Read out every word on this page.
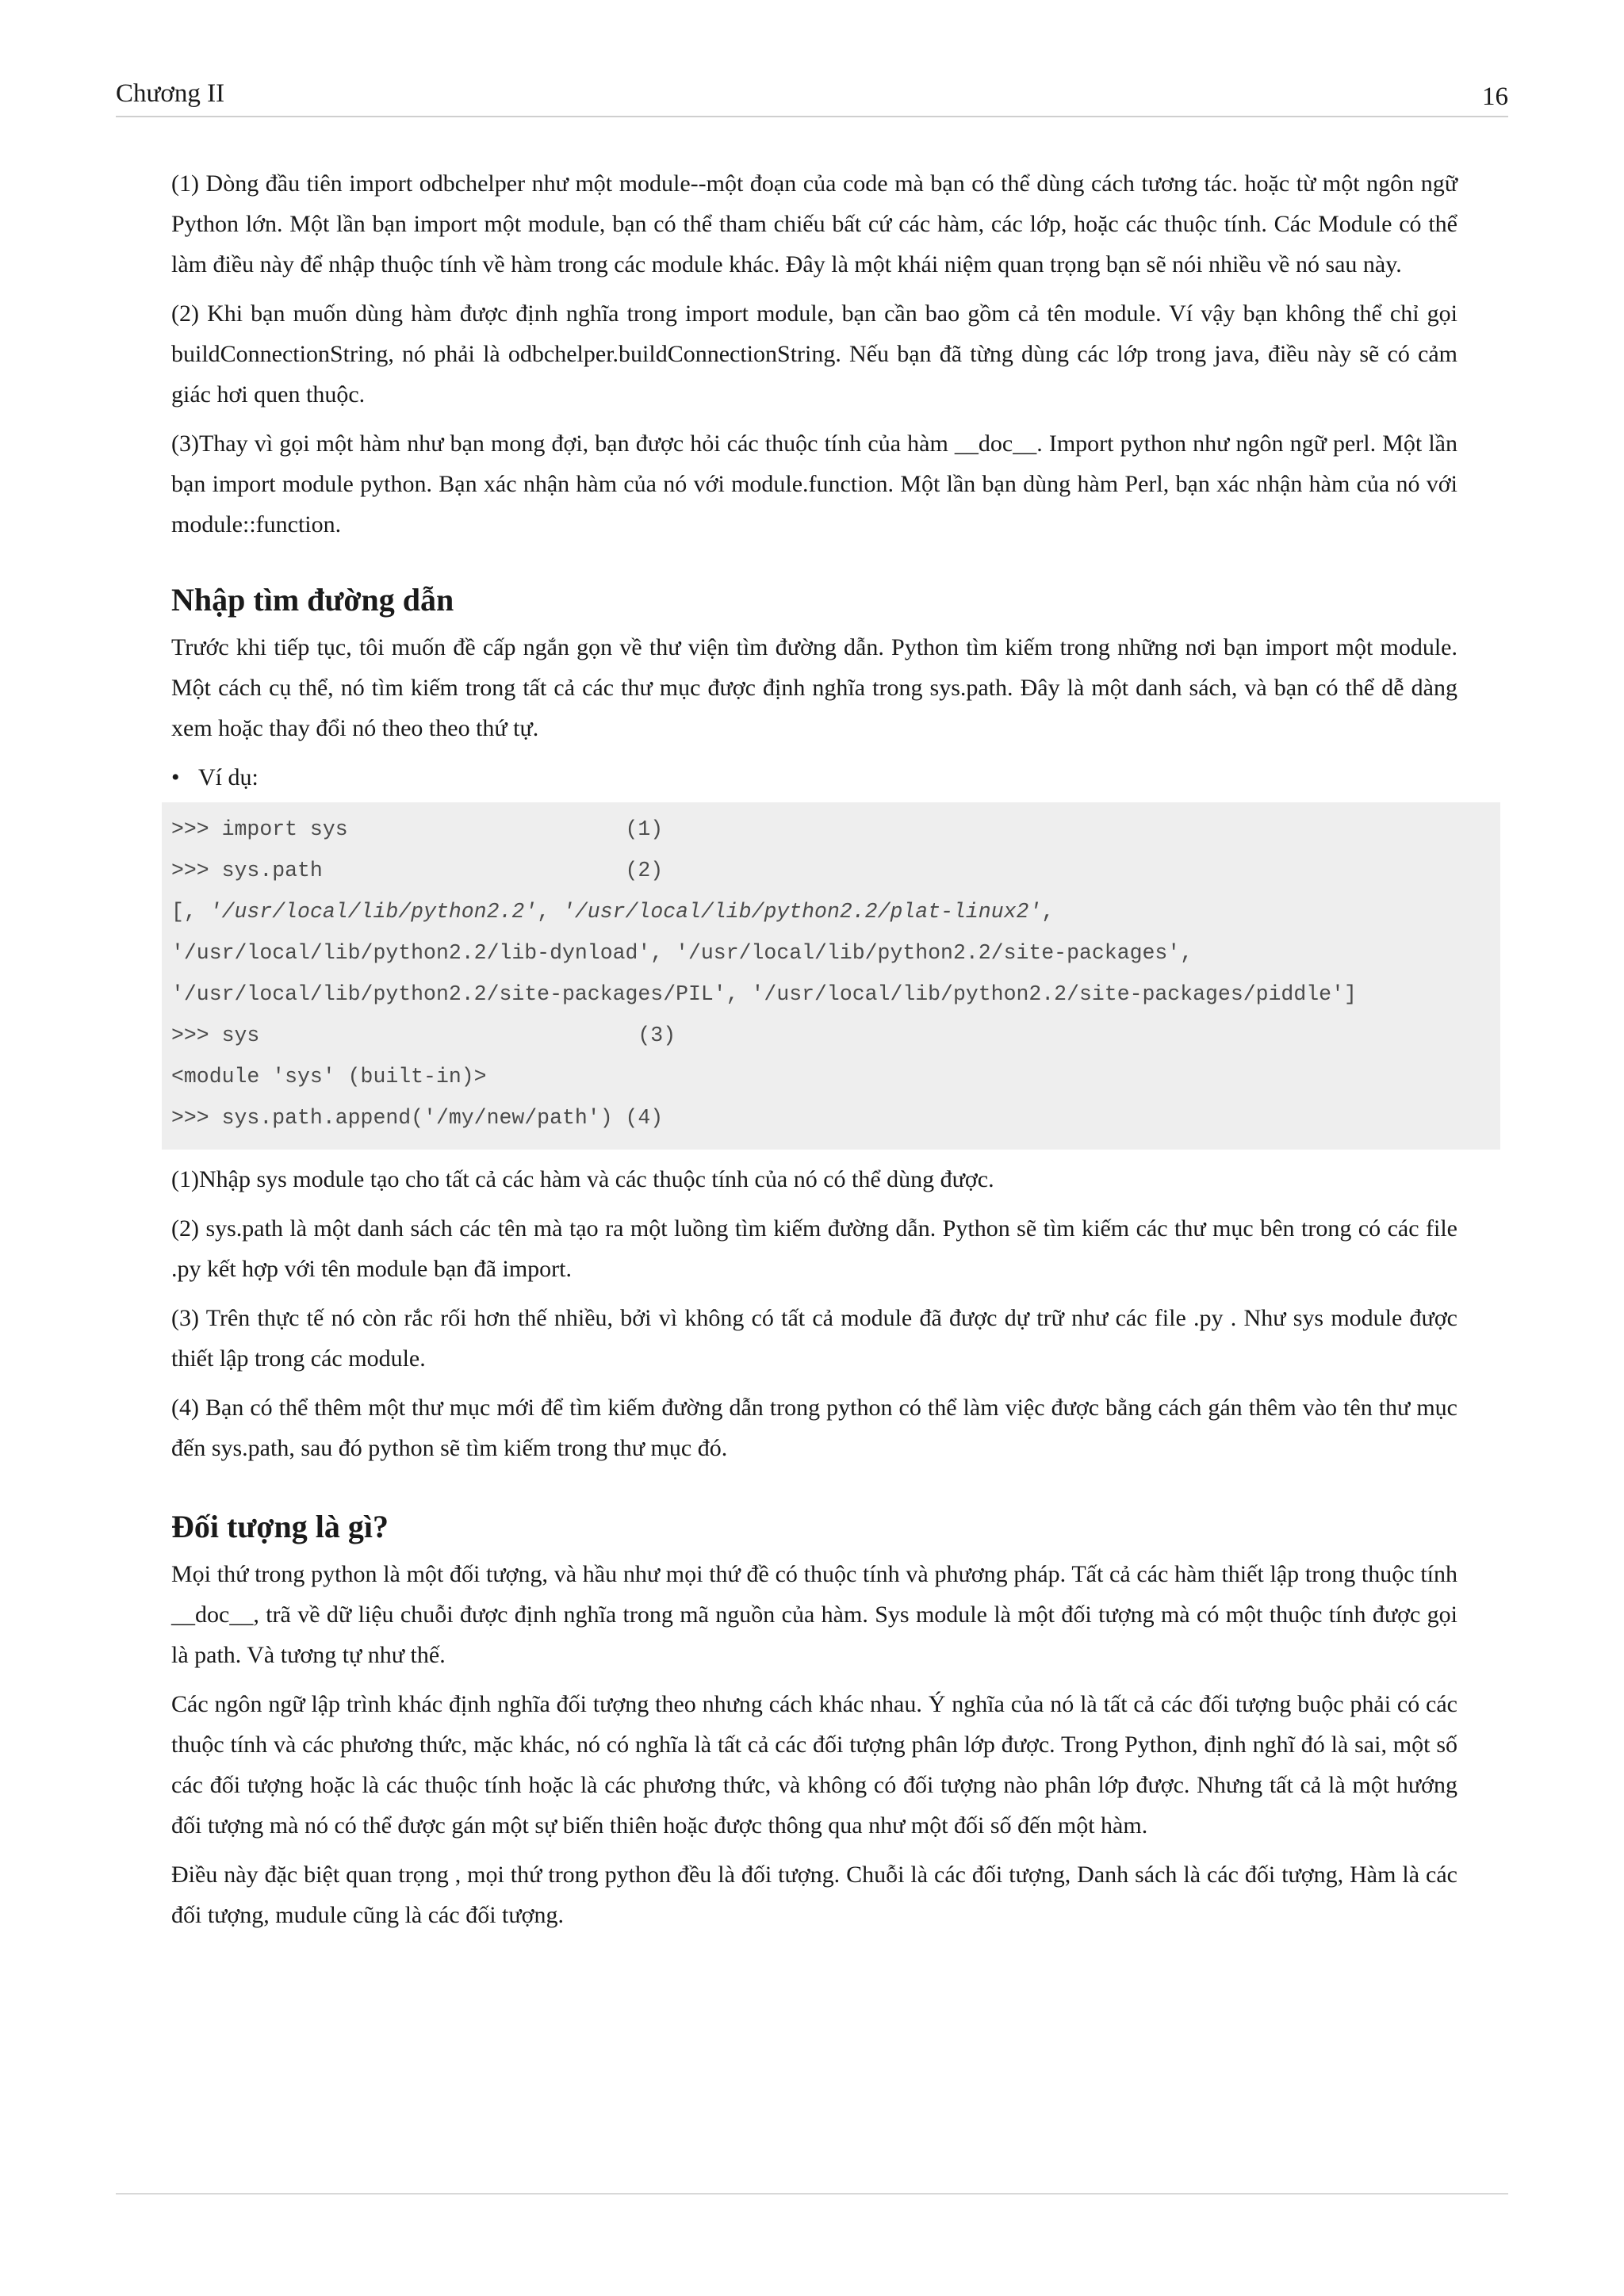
Chương II	16

(1) Dòng đầu tiên import odbchelper như một module--một đoạn của code mà bạn có thể dùng cách tương tác. hoặc từ một ngôn ngữ Python lớn. Một lần bạn import một module, bạn có thể tham chiếu bất cứ các hàm, các lớp, hoặc các thuộc tính. Các Module có thể làm điều này để nhập thuộc tính về hàm trong các module khác. Đây là một khái niệm quan trọng bạn sẽ nói nhiều về nó sau này.

(2) Khi bạn muốn dùng hàm được định nghĩa trong import module, bạn cần bao gồm cả tên module. Ví vậy bạn không thể chỉ gọi buildConnectionString, nó phải là odbchelper.buildConnectionString. Nếu bạn đã từng dùng các lớp trong java, điều này sẽ có cảm giác hơi quen thuộc.

(3)Thay vì gọi một hàm như bạn mong đợi, bạn được hỏi các thuộc tính của hàm __doc__. Import python như ngôn ngữ perl. Một lần bạn import module python. Bạn xác nhận hàm của nó với module.function. Một lần bạn dùng hàm Perl, bạn xác nhận hàm của nó với module::function.

Nhập tìm đường dẫn

Trước khi tiếp tục, tôi muốn đề cấp ngắn gọn về thư viện tìm đường dẫn. Python tìm kiếm trong những nơi bạn import một module. Một cách cụ thể, nó tìm kiếm trong tất cả các thư mục được định nghĩa trong sys.path. Đây là một danh sách, và bạn có thể dễ dàng xem hoặc thay đổi nó theo theo thứ tự.

• Ví dụ:
>>> import sys                      (1)
>>> sys.path                        (2)
[, '/usr/local/lib/python2.2', '/usr/local/lib/python2.2/plat-linux2',
'/usr/local/lib/python2.2/lib-dynload', '/usr/local/lib/python2.2/site-packages',
'/usr/local/lib/python2.2/site-packages/PIL', '/usr/local/lib/python2.2/site-packages/piddle']
>>> sys                              (3)
<module 'sys' (built-in)>
>>> sys.path.append('/my/new/path') (4)

(1)Nhập sys module tạo cho tất cả các hàm và các thuộc tính của nó có thể dùng được.

(2) sys.path là một danh sách các tên mà tạo ra một luồng tìm kiếm đường dẫn. Python sẽ tìm kiếm các thư mục bên trong có các file .py kết hợp với tên module bạn đã import.

(3) Trên thực tế nó còn rắc rối hơn thế nhiều, bởi vì không có tất cả module đã được dự trữ như các file .py . Như sys module được thiết lập trong các module.

(4) Bạn có thể thêm một thư mục mới để tìm kiếm đường dẫn trong python có thể làm việc được bằng cách gán thêm vào tên thư mục đến sys.path, sau đó python sẽ tìm kiếm trong thư mục đó.

Đối tượng là gì?

Mọi thứ trong python là một đối tượng, và hầu như mọi thứ đề có thuộc tính và phương pháp. Tất cả các hàm thiết lập trong thuộc tính __doc__, trã về dữ liệu chuỗi được định nghĩa trong mã nguồn của hàm. Sys module là một đối tượng mà có một thuộc tính được gọi là path. Và tương tự như thế.

Các ngôn ngữ lập trình khác định nghĩa đối tượng theo nhưng cách khác nhau. Ý nghĩa của nó là tất cả các đối tượng buộc phải có các thuộc tính và các phương thức, mặc khác, nó có nghĩa là tất cả các đối tượng phân lớp được. Trong Python, định nghĩ đó là sai, một số các đối tượng hoặc là các thuộc tính hoặc là các phương thức, và không có đối tượng nào phân lớp được. Nhưng tất cả là một hướng đối tượng mà nó có thể được gán một sự biến thiên hoặc được thông qua như một đối số đến một hàm.

Điều này đặc biệt quan trọng , mọi thứ trong python đều là đối tượng. Chuỗi là các đối tượng, Danh sách là các đối tượng, Hàm là các đối tượng, mudule cũng là các đối tượng.
